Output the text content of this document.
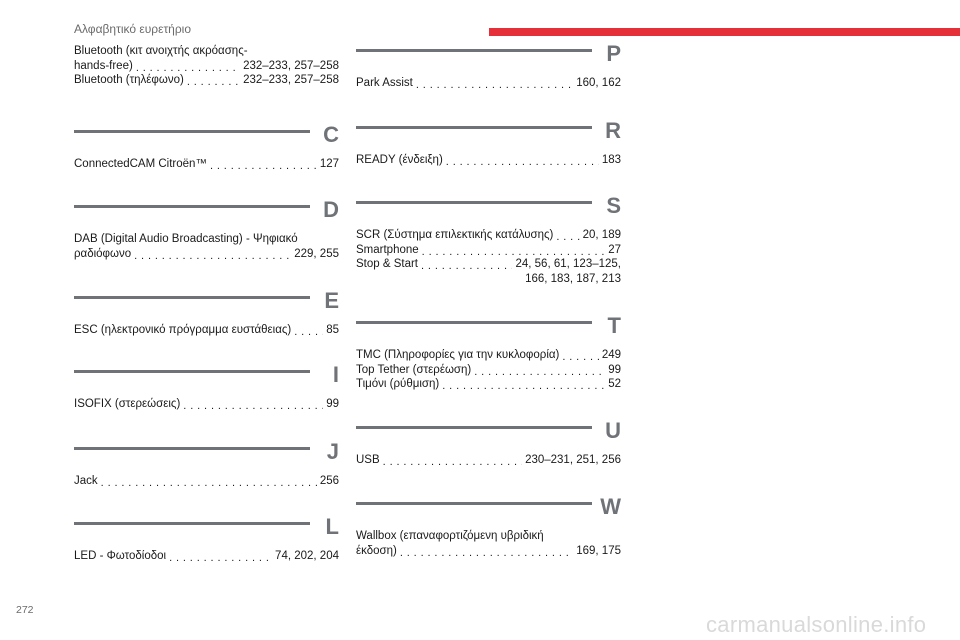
Αλφαβητικό ευρετήριο
Bluetooth (κιτ ανοιχτής ακρόασης-
hands-free) . . .	232–233, 257–258
Bluetooth (τηλέφωνο) . . .	232–233, 257–258
C
ConnectedCAM Citroën™ . . .	127
D
DAB (Digital Audio Broadcasting) - Ψηφιακό
ραδιόφωνο . . .	229, 255
E
ESC (ηλεκτρονικό πρόγραμμα ευστάθειας) . . .	85
I
ISOFIX (στερεώσεις) . . .	99
J
Jack . . .	256
L
LED - Φωτοδίοδοι . . .	74, 202, 204
P
Park Assist . . .	160, 162
R
READY (ένδειξη) . . .	183
S
SCR (Σύστημα επιλεκτικής κατάλυσης) . . .	20, 189
Smartphone . . .	27
Stop & Start . . .	24, 56, 61, 123–125,
166, 183, 187, 213
T
TMC (Πληροφορίες για την κυκλοφορία) . . .	249
Top Tether (στερέωση) . . .	99
Τιμόνι (ρύθμιση) . . .	52
U
USB . . .	230–231, 251, 256
W
Wallbox (επαναφορτιζόμενη υβριδική
έκδοση) . . .	169, 175
272
carmanualsonline.info
